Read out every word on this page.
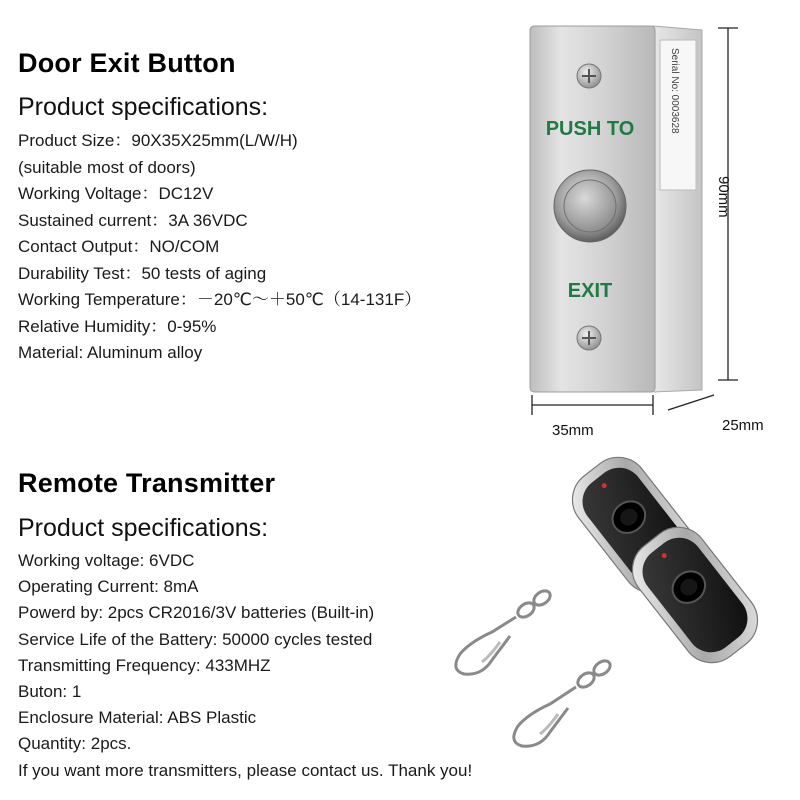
Door Exit Button
Product specifications:
Product Size：90X35X25mm(L/W/H)
(suitable most of doors)
Working Voltage：DC12V
Sustained current：3A 36VDC
Contact Output：NO/COM
Durability Test：50 tests of aging
Working Temperature：－20℃～＋50℃（14-131F）
Relative Humidity：0-95%
Material: Aluminum alloy
PUSH TO
EXIT
Serial No: 0003628
90mm
35mm	25mm
Remote Transmitter
Product specifications:
Working voltage: 6VDC
Operating Current: 8mA
Powerd by: 2pcs CR2016/3V batteries (Built-in)
Service Life of the Battery: 50000 cycles tested
Transmitting Frequency: 433MHZ
Buton: 1
Enclosure Material: ABS Plastic
Quantity: 2pcs.
If you want more transmitters, please contact us. Thank you!
